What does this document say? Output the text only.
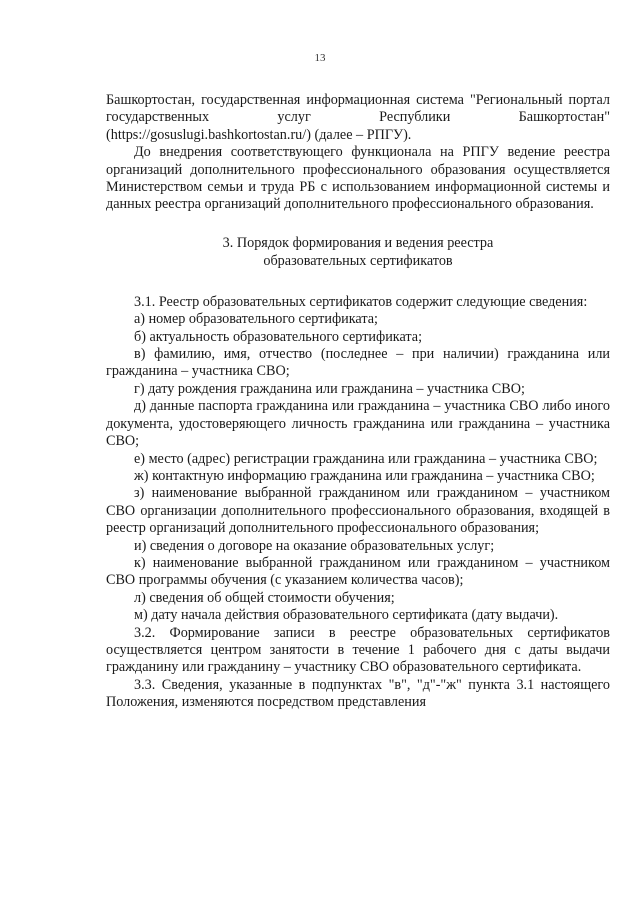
13

Башкортостан, государственная информационная система "Региональный портал государственных услуг Республики Башкортостан" (https://gosuslugi.bashkortostan.ru/) (далее – РПГУ).

До внедрения соответствующего функционала на РПГУ ведение реестра организаций дополнительного профессионального образования осуществляется Министерством семьи и труда РБ с использованием информационной системы и данных реестра организаций дополнительного профессионального образования.

3. Порядок формирования и ведения реестра
образовательных сертификатов

3.1. Реестр образовательных сертификатов содержит следующие сведения:

а) номер образовательного сертификата;

б) актуальность образовательного сертификата;

в) фамилию, имя, отчество (последнее – при наличии) гражданина или гражданина – участника СВО;

г) дату рождения гражданина или гражданина – участника СВО;

д) данные паспорта гражданина или гражданина – участника СВО либо иного документа, удостоверяющего личность гражданина или гражданина – участника СВО;

е) место (адрес) регистрации гражданина или гражданина – участника СВО;

ж) контактную информацию гражданина или гражданина – участника СВО;

з) наименование выбранной гражданином или гражданином – участником СВО организации дополнительного профессионального образования, входящей в реестр организаций дополнительного профессионального образования;

и) сведения о договоре на оказание образовательных услуг;

к) наименование выбранной гражданином или гражданином – участником СВО программы обучения (с указанием количества часов);

л) сведения об общей стоимости обучения;

м) дату начала действия образовательного сертификата (дату выдачи).

3.2. Формирование записи в реестре образовательных сертификатов осуществляется центром занятости в течение 1 рабочего дня с даты выдачи гражданину или гражданину – участнику СВО образовательного сертификата.

3.3. Сведения, указанные в подпунктах "в", "д"-"ж" пункта 3.1 настоящего Положения, изменяются посредством представления
